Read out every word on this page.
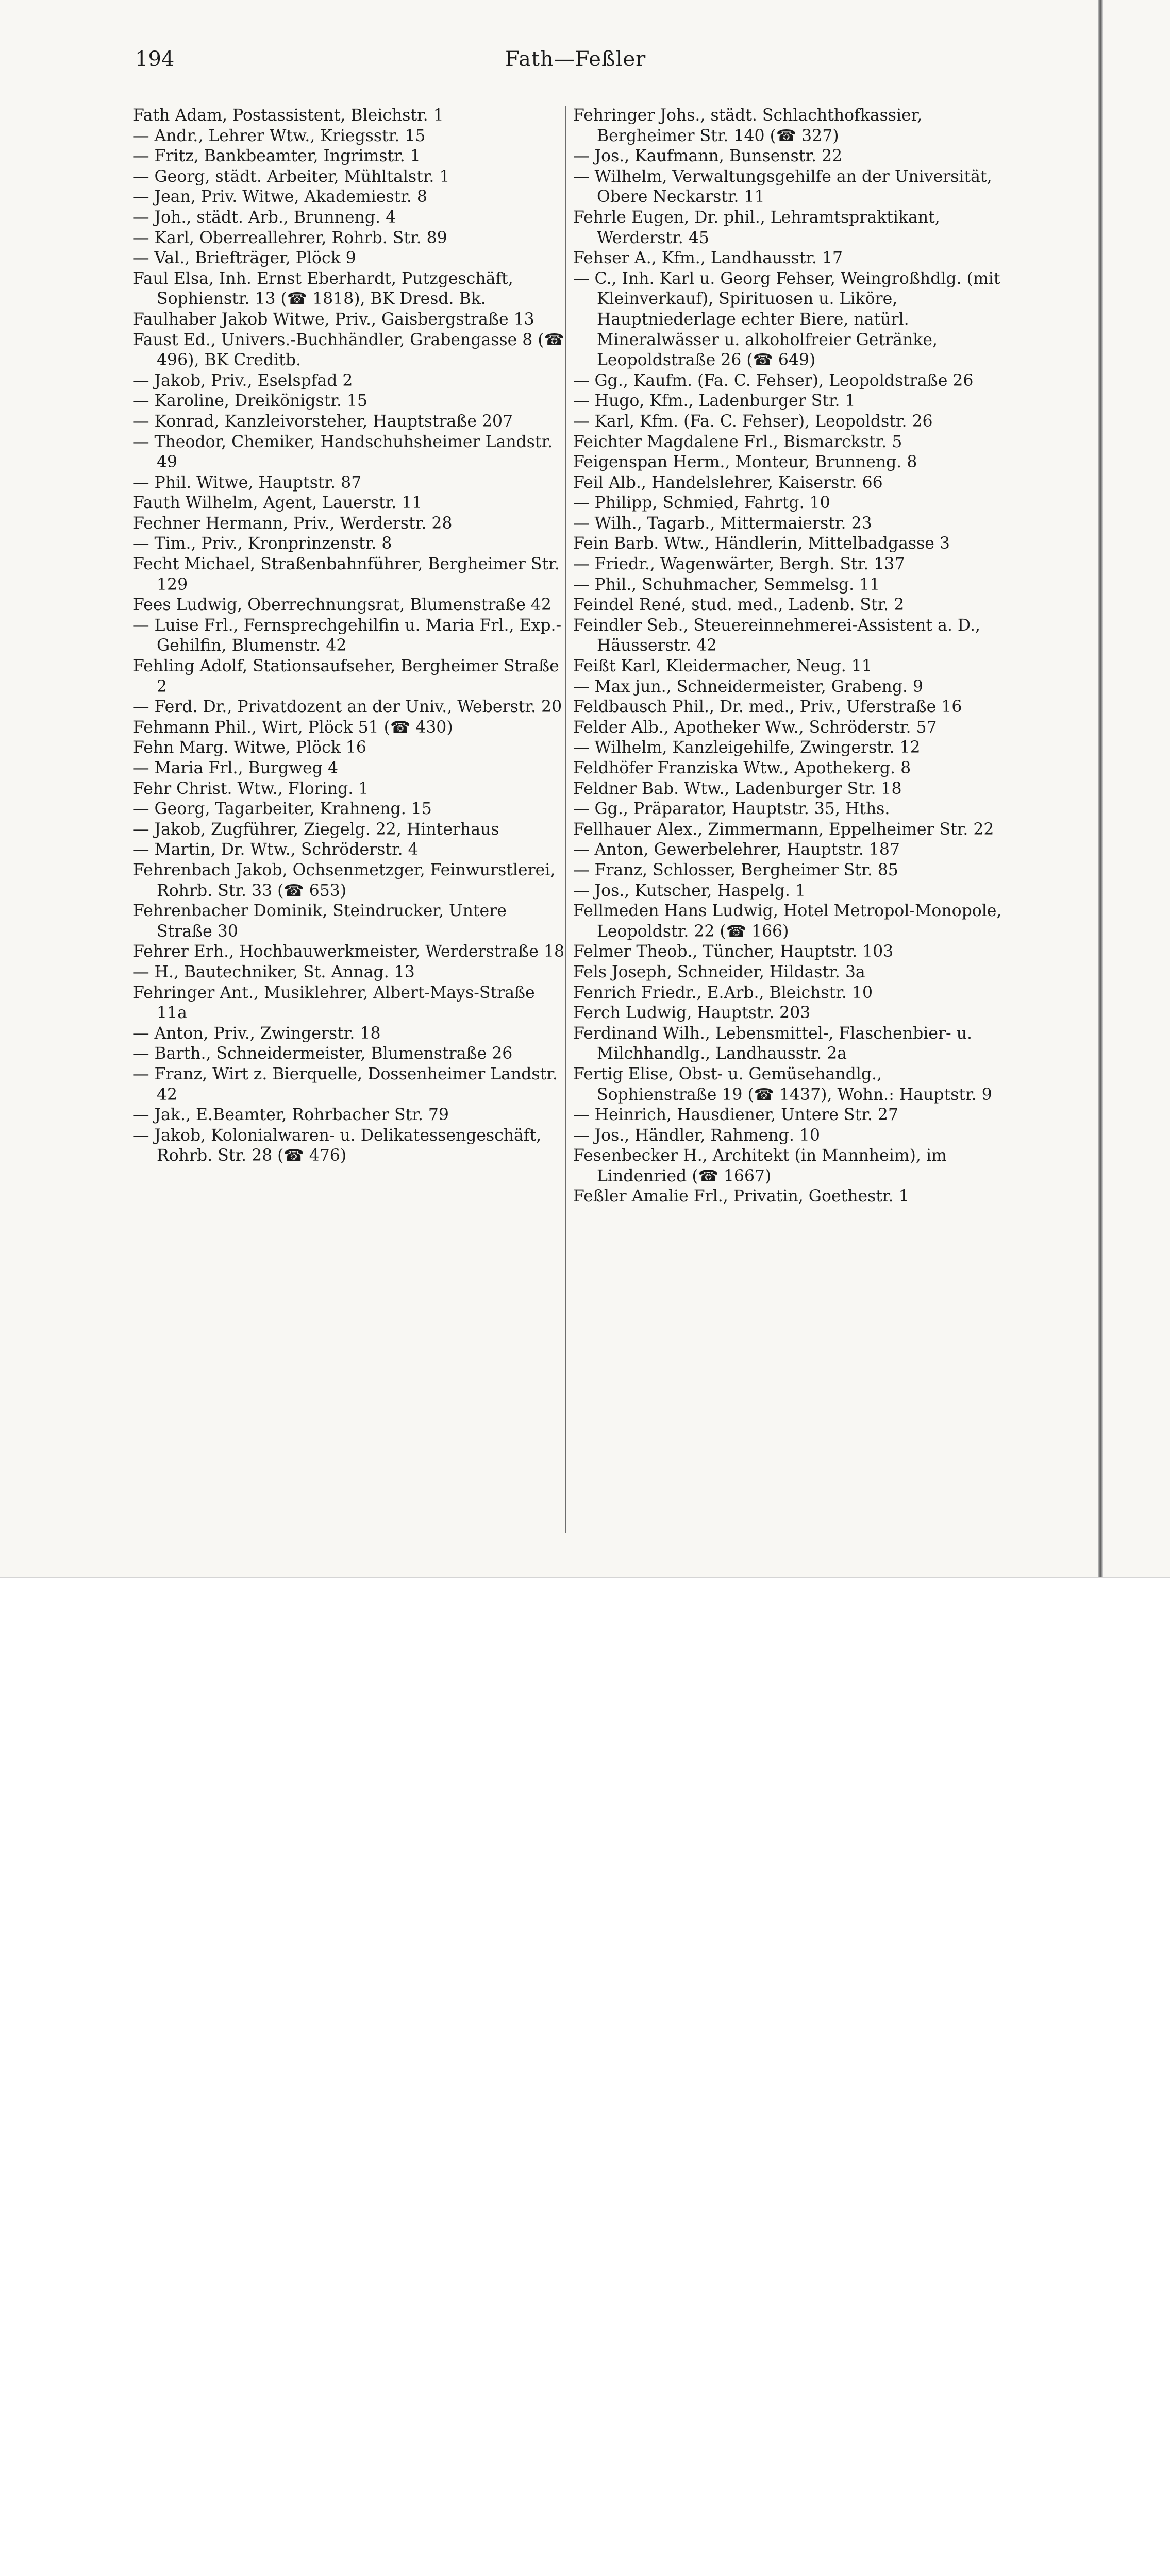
194	Fath—Feßler
Fath Adam, Postassistent, Bleichstr. 1
— Andr., Lehrer Wtw., Kriegsstr. 15
— Fritz, Bankbeamter, Ingrimstr. 1
— Georg, städt. Arbeiter, Mühltalstr. 1
— Jean, Priv. Witwe, Akademiestr. 8
— Joh., städt. Arb., Brunneng. 4
— Karl, Oberreallehrer, Rohrb. Str. 89
— Val., Briefträger, Plöck 9
Faul Elsa, Inh. Ernst Eberhardt, Putzgeschäft, Sophienstr. 13 (☎ 1818), BK Dresd. Bk.
Faulhaber Jakob Witwe, Priv., Gaisbergstraße 13
Faust Ed., Univers.-Buchhändler, Grabengasse 8 (☎ 496), BK Creditb.
— Jakob, Priv., Eselspfad 2
— Karoline, Dreikönigstr. 15
— Konrad, Kanzleivorsteher, Hauptstraße 207
— Theodor, Chemiker, Handschuhsheimer Landstr. 49
— Phil. Witwe, Hauptstr. 87
Fauth Wilhelm, Agent, Lauerstr. 11
Fechner Hermann, Priv., Werderstr. 28
— Tim., Priv., Kronprinzenstr. 8
Fecht Michael, Straßenbahnführer, Bergheimer Str. 129
Fees Ludwig, Oberrechnungsrat, Blumenstraße 42
— Luise Frl., Fernsprechgehilfin u. Maria Frl., Exp.-Gehilfin, Blumenstr. 42
Fehling Adolf, Stationsaufseher, Bergheimer Straße 2
— Ferd. Dr., Privatdozent an der Univ., Weberstr. 20
Fehmann Phil., Wirt, Plöck 51 (☎ 430)
Fehn Marg. Witwe, Plöck 16
— Maria Frl., Burgweg 4
Fehr Christ. Wtw., Floring. 1
— Georg, Tagarbeiter, Krahneng. 15
— Jakob, Zugführer, Ziegelg. 22, Hinterhaus
— Martin, Dr. Wtw., Schröderstr. 4
Fehrenbach Jakob, Ochsenmetzger, Feinwurstlerei, Rohrb. Str. 33 (☎ 653)
Fehrenbacher Dominik, Steindrucker, Untere Straße 30
Fehrer Erh., Hochbauwerkmeister, Werderstraße 18
— H., Bautechniker, St. Annag. 13
Fehringer Ant., Musiklehrer, Albert-Mays-Straße 11a
— Anton, Priv., Zwingerstr. 18
— Barth., Schneidermeister, Blumenstraße 26
— Franz, Wirt z. Bierquelle, Dossenheimer Landstr. 42
— Jak., E.Beamter, Rohrbacher Str. 79
— Jakob, Kolonialwaren- u. Delikatessengeschäft, Rohrb. Str. 28 (☎ 476)
Fehringer Johs., städt. Schlachthofkassier, Bergheimer Str. 140 (☎ 327)
— Jos., Kaufmann, Bunsenstr. 22
— Wilhelm, Verwaltungsgehilfe an der Universität, Obere Neckarstr. 11
Fehrle Eugen, Dr. phil., Lehramtspraktikant, Werderstr. 45
Fehser A., Kfm., Landhausstr. 17
— C., Inh. Karl u. Georg Fehser, Weingroßhdlg. (mit Kleinverkauf), Spirituosen u. Liköre, Hauptniederlage echter Biere, natürl. Mineralwässer u. alkoholfreier Getränke, Leopoldstraße 26 (☎ 649)
— Gg., Kaufm. (Fa. C. Fehser), Leopoldstraße 26
— Hugo, Kfm., Ladenburger Str. 1
— Karl, Kfm. (Fa. C. Fehser), Leopoldstr. 26
Feichter Magdalene Frl., Bismarckstr. 5
Feigenspan Herm., Monteur, Brunneng. 8
Feil Alb., Handelslehrer, Kaiserstr. 66
— Philipp, Schmied, Fahrtg. 10
— Wilh., Tagarb., Mittermaierstr. 23
Fein Barb. Wtw., Händlerin, Mittelbadgasse 3
— Friedr., Wagenwärter, Bergh. Str. 137
— Phil., Schuhmacher, Semmelsg. 11
Feindel René, stud. med., Ladenb. Str. 2
Feindler Seb., Steuereinnehmerei-Assistent a. D., Häusserstr. 42
Feißt Karl, Kleidermacher, Neug. 11
— Max jun., Schneidermeister, Grabeng. 9
Feldbausch Phil., Dr. med., Priv., Uferstraße 16
Felder Alb., Apotheker Ww., Schröderstr. 57
— Wilhelm, Kanzleigehilfe, Zwingerstr. 12
Feldhöfer Franziska Wtw., Apothekerg. 8
Feldner Bab. Wtw., Ladenburger Str. 18
— Gg., Präparator, Hauptstr. 35, Hths.
Fellhauer Alex., Zimmermann, Eppelheimer Str. 22
— Anton, Gewerbelehrer, Hauptstr. 187
— Franz, Schlosser, Bergheimer Str. 85
— Jos., Kutscher, Haspelg. 1
Fellmeden Hans Ludwig, Hotel Metropol-Monopole, Leopoldstr. 22 (☎ 166)
Felmer Theob., Tüncher, Hauptstr. 103
Fels Joseph, Schneider, Hildastr. 3a
Fenrich Friedr., E.Arb., Bleichstr. 10
Ferch Ludwig, Hauptstr. 203
Ferdinand Wilh., Lebensmittel-, Flaschenbier- u. Milchhandlg., Landhausstr. 2a
Fertig Elise, Obst- u. Gemüsehandlg., Sophienstraße 19 (☎ 1437), Wohn.: Hauptstr. 9
— Heinrich, Hausdiener, Untere Str. 27
— Jos., Händler, Rahmeng. 10
Fesenbecker H., Architekt (in Mannheim), im Lindenried (☎ 1667)
Feßler Amalie Frl., Privatin, Goethestr. 1
